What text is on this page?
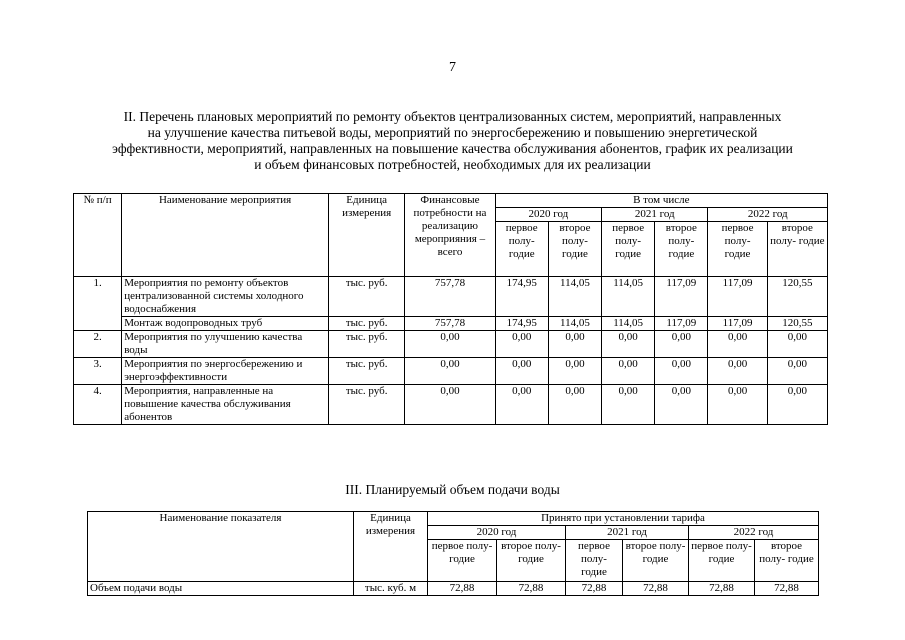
7
II. Перечень плановых мероприятий по ремонту объектов централизованных систем, мероприятий, направленных
на улучшение качества питьевой воды, мероприятий по энергосбережению и повышению энергетической
эффективности, мероприятий, направленных на повышение качества обслуживания абонентов, график их реализации
и объем финансовых потребностей, необходимых для их реализации
№ п/п	Наименование мероприятия	Единица измерения	Финансовые потребности на реализацию мероприяния – всего	В том числе					
				2020 год		2021 год		2022 год	
				первое полу- годие	второе полу- годие	первое полу- годие	второе полу- годие	первое полу- годие	второе полу- годие
1.	Мероприятия по ремонту объектов централизованной системы холодного водоснабжения	тыс. руб.	757,78	174,95	114,05	114,05	117,09	117,09	120,55
	Монтаж водопроводных труб	тыс. руб.	757,78	174,95	114,05	114,05	117,09	117,09	120,55
2.	Мероприятия по улучшению качества воды	тыс. руб.	0,00	0,00	0,00	0,00	0,00	0,00	0,00
3.	Мероприятия по энергосбережению и энергоэффективности	тыс. руб.	0,00	0,00	0,00	0,00	0,00	0,00	0,00
4.	Мероприятия, направленные на повышение качества обслуживания абонентов	тыс. руб.	0,00	0,00	0,00	0,00	0,00	0,00	0,00
III. Планируемый объем подачи воды
Наименование показателя	Единица измерения	Принято при установлении тарифа					
		2020 год		2021 год		2022 год	
		первое полу- годие	второе полу- годие	первое полу- годие	второе полу- годие	первое полу- годие	второе полу- годие
Объем подачи воды	тыс. куб. м	72,88	72,88	72,88	72,88	72,88	72,88
